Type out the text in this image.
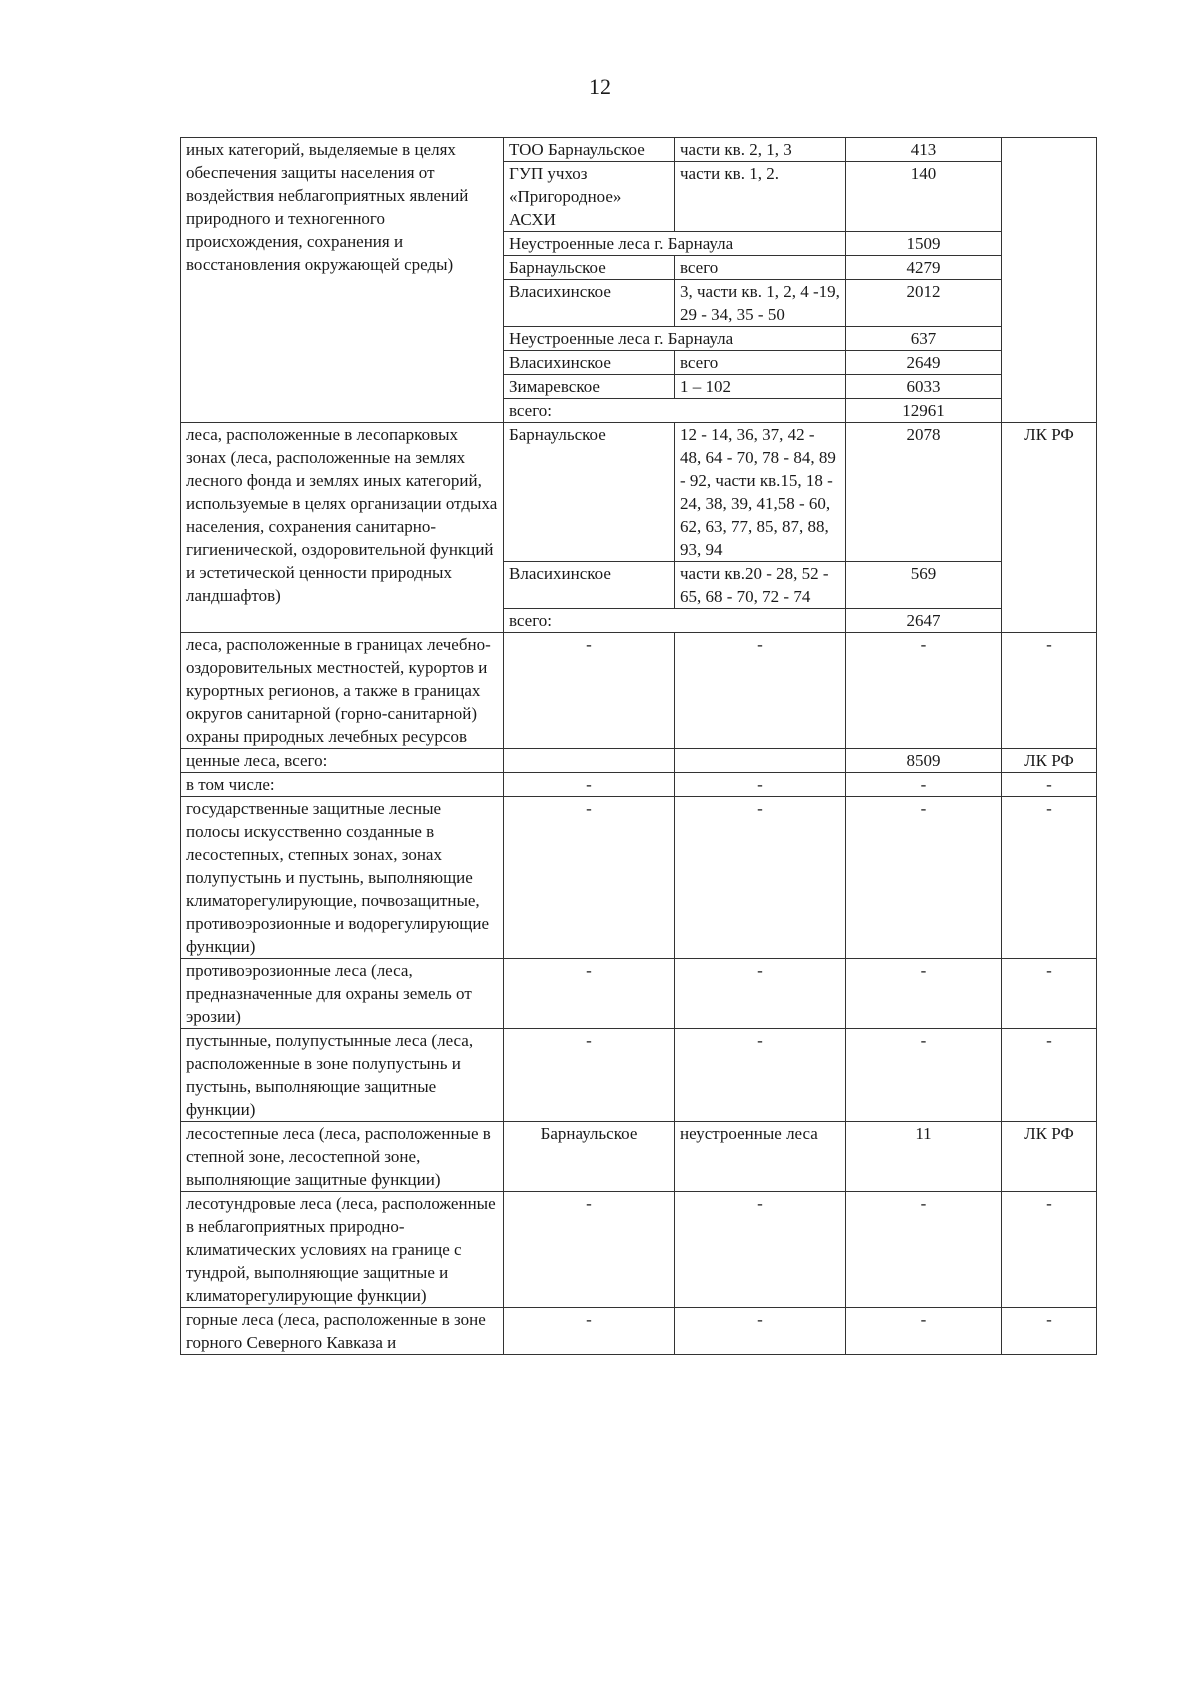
12
иных категорий, выделяемые в целях обеспечения защиты населения от воздействия неблагоприятных явлений природного и техногенного происхождения, сохранения и восстановления окружающей среды)	ТОО Барнаульское	части кв. 2, 1, 3	413	
	ГУП учхоз «Пригородное» АСХИ	части кв. 1, 2.	140	
	Неустроенные леса г. Барнаула		1509	
	Барнаульское	всего	4279	
	Власихинское	3, части кв. 1, 2, 4 -19, 29 - 34, 35 - 50	2012	
	Неустроенные леса г. Барнаула		637	
	Власихинское	всего	2649	
	Зимаревское	1 – 102	6033	
	всего:		12961	
леса, расположенные в лесопарковых зонах (леса, расположенные на землях лесного фонда и землях иных категорий, используемые в целях организации отдыха населения, сохранения санитарно-гигиенической, оздоровительной функций и эстетической ценности природных ландшафтов)	Барнаульское	12 - 14, 36, 37, 42 - 48, 64 - 70, 78 - 84, 89 - 92, части кв.15, 18 - 24, 38, 39, 41,58 - 60, 62, 63, 77, 85, 87, 88, 93, 94	2078	ЛК РФ
	Власихинское	части кв.20 - 28, 52 - 65, 68 - 70, 72 - 74	569	
	всего:		2647	
леса, расположенные в границах лечебно-оздоровительных местностей, курортов и курортных регионов, а также в границах округов санитарной (горно-санитарной) охраны природных лечебных ресурсов	-	-	-	-
ценные леса, всего:			8509	ЛК РФ
в том числе:	-	-	-	-
государственные защитные лесные полосы искусственно созданные в лесостепных, степных зонах, зонах полупустынь и пустынь, выполняющие климаторегулирующие, почвозащитные, противоэрозионные и водорегулирующие функции)	-	-	-	-
противоэрозионные леса (леса, предназначенные для охраны земель от эрозии)	-	-	-	-
пустынные, полупустынные леса (леса, расположенные в зоне полупустынь и пустынь, выполняющие защитные функции)	-	-	-	-
лесостепные леса (леса, расположенные в степной зоне, лесостепной зоне, выполняющие защитные функции)	Барнаульское	неустроенные леса	11	ЛК РФ
лесотундровые леса (леса, расположенные в неблагоприятных природно-климатических условиях на границе с тундрой, выполняющие защитные и климаторегулирующие функции)	-	-	-	-
горные леса (леса, расположенные в зоне горного Северного Кавказа и	-	-	-	-
